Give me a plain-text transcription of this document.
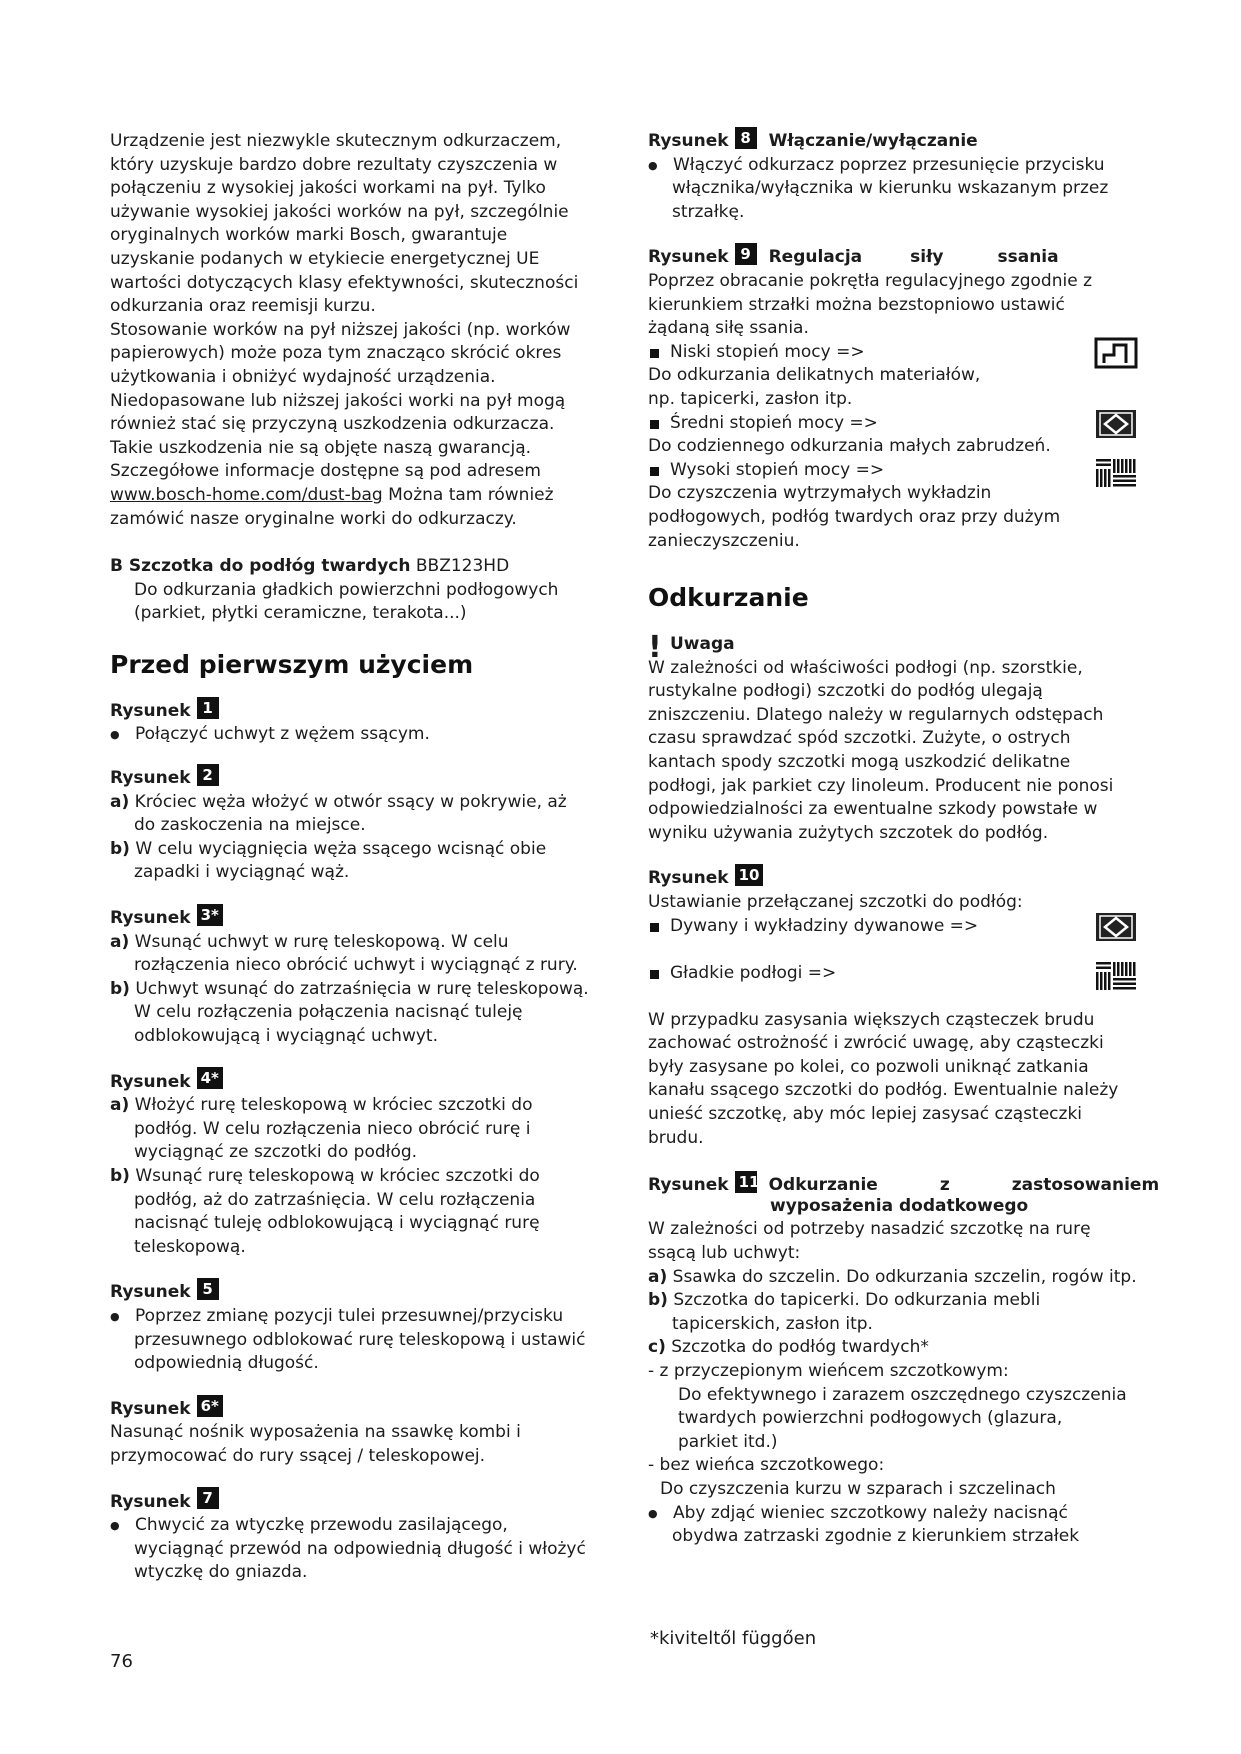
Urządzenie jest niezwykle skutecznym odkurzaczem,

który uzyskuje bardzo dobre rezultaty czyszczenia w

połączeniu z wysokiej jakości workami na pył. Tylko

używanie wysokiej jakości worków na pył, szczególnie

oryginalnych worków marki Bosch, gwarantuje

uzyskanie podanych w etykiecie energetycznej UE

wartości dotyczących klasy efektywności, skuteczności

odkurzania oraz reemisji kurzu.

Stosowanie worków na pył niższej jakości (np. worków

papierowych) może poza tym znacząco skrócić okres

użytkowania i obniżyć wydajność urządzenia.

Niedopasowane lub niższej jakości worki na pył mogą

również stać się przyczyną uszkodzenia odkurzacza.

Takie uszkodzenia nie są objęte naszą gwarancją.

Szczegółowe informacje dostępne są pod adresem

www.bosch-home.com/dust-bag Można tam również

zamówić nasze oryginalne worki do odkurzaczy.

B Szczotka do podłóg twardych BBZ123HD

Do odkurzania gładkich powierzchni podłogowych

(parkiet, płytki ceramiczne, terakota...)

Przed pierwszym użyciem

Rysunek 1

● Połączyć uchwyt z wężem ssącym.

Rysunek 2

a) Króciec węża włożyć w otwór ssący w pokrywie, aż

do zaskoczenia na miejsce.

b) W celu wyciągnięcia węża ssącego wcisnąć obie

zapadki i wyciągnąć wąż.

Rysunek 3*

a) Wsunąć uchwyt w rurę teleskopową. W celu

rozłączenia nieco obrócić uchwyt i wyciągnąć z rury.

b) Uchwyt wsunąć do zatrzaśnięcia w rurę teleskopową.

W celu rozłączenia połączenia nacisnąć tuleję

odblokowującą i wyciągnąć uchwyt.

Rysunek 4*

a) Włożyć rurę teleskopową w króciec szczotki do

podłóg. W celu rozłączenia nieco obrócić rurę i

wyciągnąć ze szczotki do podłóg.

b) Wsunąć rurę teleskopową w króciec szczotki do

podłóg, aż do zatrzaśnięcia. W celu rozłączenia

nacisnąć tuleję odblokowującą i wyciągnąć rurę

teleskopową.

Rysunek 5

● Poprzez zmianę pozycji tulei przesuwnej/przycisku

przesuwnego odblokować rurę teleskopową i ustawić

odpowiednią długość.

Rysunek 6*

Nasunąć nośnik wyposażenia na ssawkę kombi i

przymocować do rury ssącej / teleskopowej.

Rysunek 7

● Chwycić za wtyczkę przewodu zasilającego,

wyciągnąć przewód na odpowiednią długość i włożyć

wtyczkę do gniazda.

Rysunek 8	Włączanie/wyłączanie

● Włączyć odkurzacz poprzez przesunięcie przycisku

włącznika/wyłącznika w kierunku wskazanym przez

strzałkę.

Rysunek 9	Regulacja	siły	ssania

Poprzez obracanie pokrętła regulacyjnego zgodnie z

kierunkiem strzałki można bezstopniowo ustawić

żądaną siłę ssania.

Niski stopień mocy =>

Do odkurzania delikatnych materiałów,

np. tapicerki, zasłon itp.

Średni stopień mocy =>

Do codziennego odkurzania małych zabrudzeń.

Wysoki stopień mocy =>

Do czyszczenia wytrzymałych wykładzin

podłogowych, podłóg twardych oraz przy dużym

zanieczyszczeniu.

Odkurzanie

! Uwaga

W zależności od właściwości podłogi (np. szorstkie,

rustykalne podłogi) szczotki do podłóg ulegają

zniszczeniu. Dlatego należy w regularnych odstępach

czasu sprawdzać spód szczotki. Zużyte, o ostrych

kantach spody szczotki mogą uszkodzić delikatne

podłogi, jak parkiet czy linoleum. Producent nie ponosi

odpowiedzialności za ewentualne szkody powstałe w

wyniku używania zużytych szczotek do podłóg.

Rysunek 10

Ustawianie przełączanej szczotki do podłóg:

Dywany i wykładziny dywanowe =>

Gładkie podłogi =>

W przypadku zasysania większych cząsteczek brudu

zachować ostrożność i zwrócić uwagę, aby cząsteczki

były zasysane po kolei, co pozwoli uniknąć zatkania

kanału ssącego szczotki do podłóg. Ewentualnie należy

unieść szczotkę, aby móc lepiej zasysać cząsteczki

brudu.

Rysunek 11* Odkurzanie	z	zastosowaniem

wyposażenia dodatkowego

W zależności od potrzeby nasadzić szczotkę na rurę

ssącą lub uchwyt:

a) Ssawka do szczelin. Do odkurzania szczelin, rogów itp.

b) Szczotka do tapicerki. Do odkurzania mebli

tapicerskich, zasłon itp.

c) Szczotka do podłóg twardych*

- z przyczepionym wieńcem szczotkowym:

Do efektywnego i zarazem oszczędnego czyszczenia

twardych powierzchni podłogowych (glazura,

parkiet itd.)

- bez wieńca szczotkowego:

Do czyszczenia kurzu w szparach i szczelinach

● Aby zdjąć wieniec szczotkowy należy nacisnąć

obydwa zatrzaski zgodnie z kierunkiem strzałek

*kiviteltől függően
76
